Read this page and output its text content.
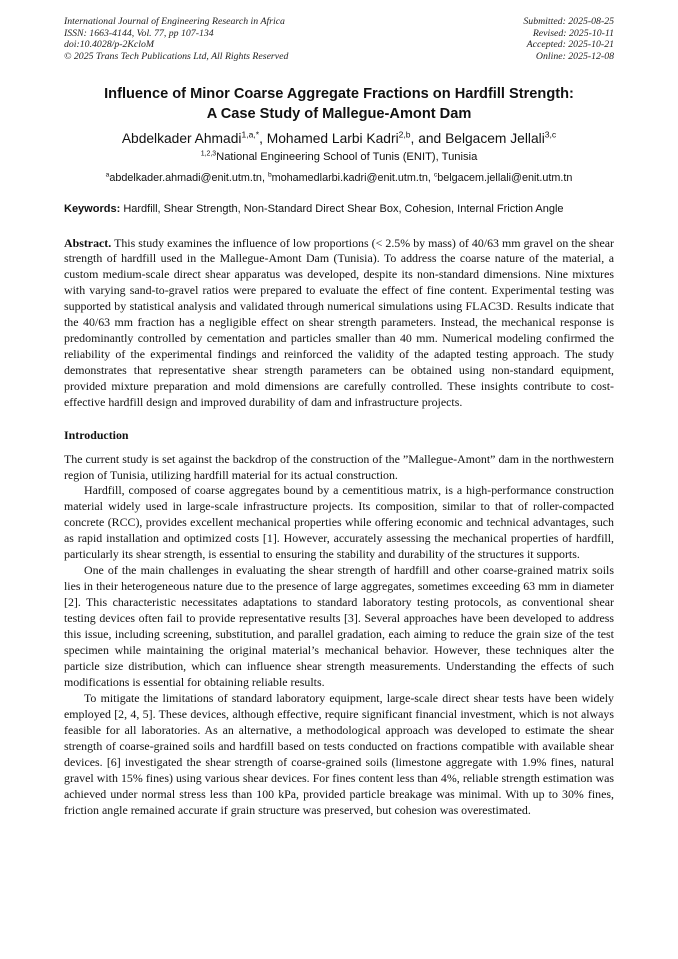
International Journal of Engineering Research in Africa
ISSN: 1663-4144, Vol. 77, pp 107-134
doi:10.4028/p-2KcloM
© 2025 Trans Tech Publications Ltd, All Rights Reserved
Submitted: 2025-08-25
Revised: 2025-10-11
Accepted: 2025-10-21
Online: 2025-12-08
Influence of Minor Coarse Aggregate Fractions on Hardfill Strength:
A Case Study of Mallegue-Amont Dam
Abdelkader Ahmadi$^{1,a,*}$, Mohamed Larbi Kadri$^{2,b}$, and Belgacem Jellali$^{3,c}$
$^{1,2,3}$National Engineering School of Tunis (ENIT), Tunisia
$^a$abdelkader.ahmadi@enit.utm.tn, $^b$mohamedlarbi.kadri@enit.utm.tn, $^c$belgacem.jellali@enit.utm.tn
Keywords: Hardfill, Shear Strength, Non-Standard Direct Shear Box, Cohesion, Internal Friction Angle
Abstract. This study examines the influence of low proportions (< 2.5% by mass) of 40/63 mm gravel on the shear strength of hardfill used in the Mallegue-Amont Dam (Tunisia). To address the coarse nature of the material, a custom medium-scale direct shear apparatus was developed, despite its non-standard dimensions. Nine mixtures with varying sand-to-gravel ratios were prepared to evaluate the effect of fine content. Experimental testing was supported by statistical analysis and validated through numerical simulations using FLAC3D. Results indicate that the 40/63 mm fraction has a negligible effect on shear strength parameters. Instead, the mechanical response is predominantly controlled by cementation and particles smaller than 40 mm. Numerical modeling confirmed the reliability of the experimental findings and reinforced the validity of the adapted testing approach. The study demonstrates that representative shear strength parameters can be obtained using non-standard equipment, provided mixture preparation and mold dimensions are carefully controlled. These insights contribute to cost-effective hardfill design and improved durability of dam and infrastructure projects.
Introduction

The current study is set against the backdrop of the construction of the ”Mallegue-Amont” dam in the northwestern region of Tunisia, utilizing hardfill material for its actual construction.

Hardfill, composed of coarse aggregates bound by a cementitious matrix, is a high-performance construction material widely used in large-scale infrastructure projects. Its composition, similar to that of roller-compacted concrete (RCC), provides excellent mechanical properties while offering economic and technical advantages, such as rapid installation and optimized costs [1]. However, accurately assessing the mechanical properties of hardfill, particularly its shear strength, is essential to ensuring the stability and durability of the structures it supports.

One of the main challenges in evaluating the shear strength of hardfill and other coarse-grained matrix soils lies in their heterogeneous nature due to the presence of large aggregates, sometimes exceeding 63 mm in diameter [2]. This characteristic necessitates adaptations to standard laboratory testing protocols, as conventional shear testing devices often fail to provide representative results [3]. Several approaches have been developed to address this issue, including screening, substitution, and parallel gradation, each aiming to reduce the grain size of the test specimen while maintaining the original material’s mechanical behavior. However, these techniques alter the particle size distribution, which can influence shear strength measurements. Understanding the effects of such modifications is essential for obtaining reliable results.

To mitigate the limitations of standard laboratory equipment, large-scale direct shear tests have been widely employed [2, 4, 5]. These devices, although effective, require significant financial investment, which is not always feasible for all laboratories. As an alternative, a methodological approach was developed to estimate the shear strength of coarse-grained soils and hardfill based on tests conducted on fractions compatible with available shear devices. [6] investigated the shear strength of coarse-grained soils (limestone aggregate with 1.9% fines, natural gravel with 15% fines) using various shear devices. For fines content less than 4%, reliable strength estimation was achieved under normal stress less than 100 kPa, provided particle breakage was minimal. With up to 30% fines, friction angle remained accurate if grain structure was preserved, but cohesion was overestimated.
